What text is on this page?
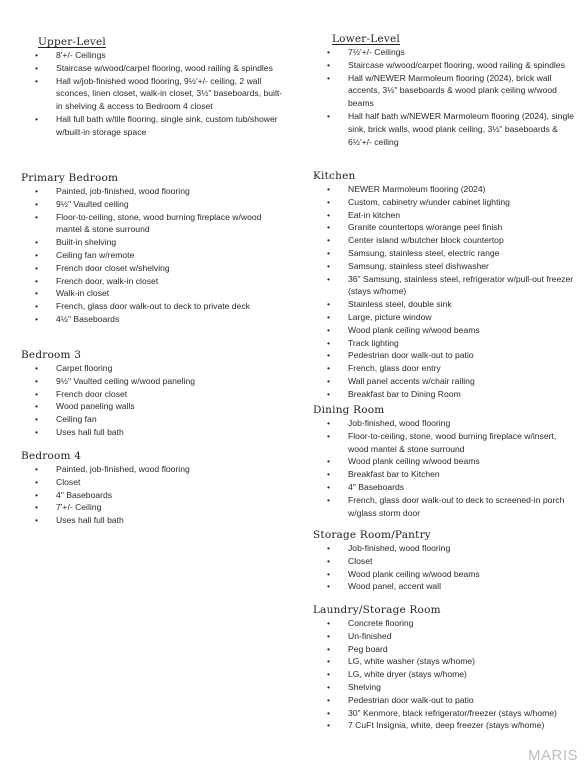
Upper-Level
• 8'+/- Ceilings
• Staircase w/wood/carpet flooring, wood railing & spindles
• Hall w/job-finished wood flooring, 9½'+/- ceiling, 2 wall sconces, linen closet, walk-in closet, 3½" baseboards, built-in shelving & access to Bedroom 4 closet
• Hall full bath w/tile flooring, single sink, custom tub/shower w/built-in storage space
Primary Bedroom
• Painted, job-finished, wood flooring
• 9½" Vaulted ceiling
• Floor-to-ceiling, stone, wood burning fireplace w/wood mantel & stone surround
• Built-in shelving
• Ceiling fan w/remote
• French door closet w/shelving
• French door, walk-in closet
• Walk-in closet
• French, glass door walk-out to deck to private deck
• 4½" Baseboards
Bedroom 3
• Carpet flooring
• 9½" Vaulted ceiling w/wood paneling
• French door closet
• Wood paneling walls
• Ceiling fan
• Uses hall full bath
Bedroom 4
• Painted, job-finished, wood flooring
• Closet
• 4" Baseboards
• 7'+/- Ceiling
• Uses hall full bath
Lower-Level
• 7½'+/- Ceilings
• Staircase w/wood/carpet flooring, wood railing & spindles
• Hall w/NEWER Marmoleum flooring (2024), brick wall accents, 3½" baseboards & wood plank ceiling w/wood beams
• Hall half bath w/NEWER Marmoleum flooring (2024), single sink, brick walls, wood plank ceiling, 3½" baseboards & 6½'+/- ceiling
Kitchen
• NEWER Marmoleum flooring (2024)
• Custom, cabinetry w/under cabinet lighting
• Eat-in kitchen
• Granite countertops w/orange peel finish
• Center island w/butcher block countertop
• Samsung, stainless steel, electric range
• Samsung, stainless steel dishwasher
• 36" Samsung, stainless steel, refrigerator w/pull-out freezer (stays w/home)
• Stainless steel, double sink
• Large, picture window
• Wood plank ceiling w/wood beams
• Track lighting
• Pedestrian door walk-out to patio
• French, glass door entry
• Wall panel accents w/chair railing
• Breakfast bar to Dining Room
Dining Room
• Job-finished, wood flooring
• Floor-to-ceiling, stone, wood burning fireplace w/insert, wood mantel & stone surround
• Wood plank ceiling w/wood beams
• Breakfast bar to Kitchen
• 4" Baseboards
• French, glass door walk-out to deck to screened-in porch w/glass storm door
Storage Room/Pantry
• Job-finished, wood flooring
• Closet
• Wood plank ceiling w/wood beams
• Wood panel, accent wall
Laundry/Storage Room
• Concrete flooring
• Un-finished
• Peg board
• LG, white washer (stays w/home)
• LG, white dryer (stays w/home)
• Shelving
• Pedestrian door walk-out to patio
• 30" Kenmore, black refrigerator/freezer (stays w/home)
• 7 CuFt Insignia, white, deep freezer (stays w/home)
MARIS
